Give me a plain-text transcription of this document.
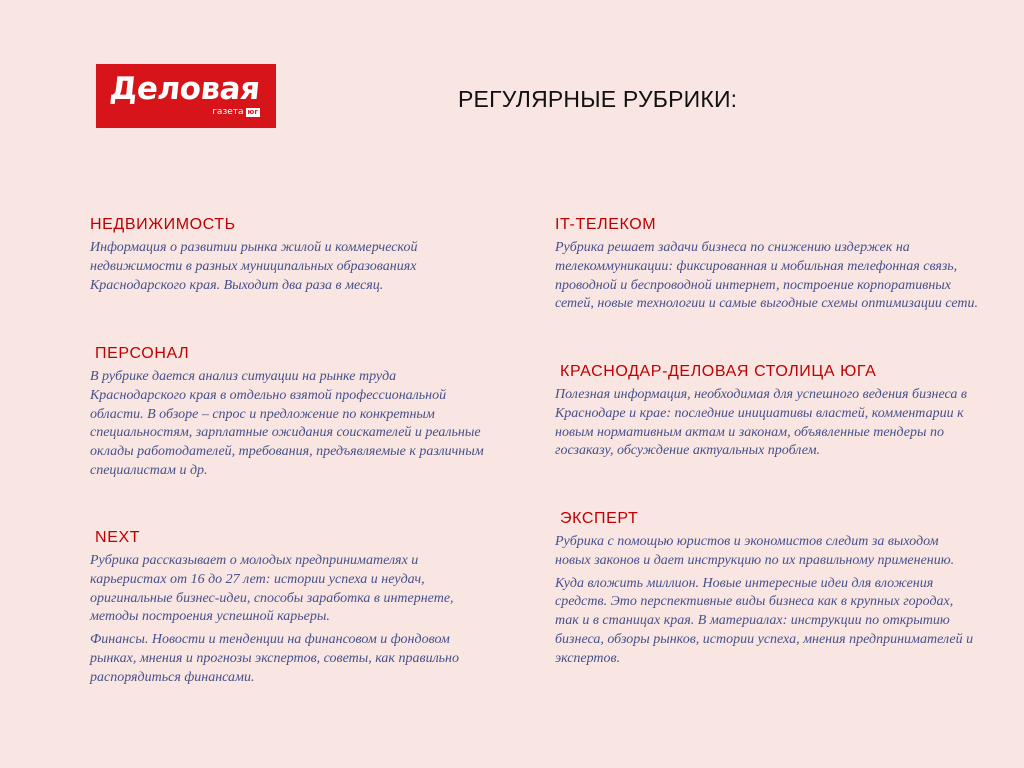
Деловая
газета юг	РЕГУЛЯРНЫЕ РУБРИКИ:
НЕДВИЖИМОСТЬ

Информация о развитии рынка жилой и коммерческой недвижимости в разных муниципальных образованиях Краснодарского края. Выходит два раза в месяц.

ПЕРСОНАЛ

В рубрике дается анализ ситуации на рынке труда Краснодарского края в отдельно взятой профессиональной области. В обзоре – спрос и предложение по конкретным специальностям, зарплатные ожидания соискателей и реальные оклады работодателей, требования, предъявляемые к различным специалистам и др.

NEXT

Рубрика рассказывает о молодых предпринимателях и карьеристах от 16 до 27 лет: истории успеха и неудач, оригинальные бизнес-идеи, способы заработка в интернете, методы построения успешной карьеры.

Финансы. Новости и тенденции на финансовом и фондовом рынках, мнения и прогнозы экспертов, советы, как правильно распорядиться финансами.

IT-ТЕЛЕКОМ

Рубрика решает задачи бизнеса по снижению издержек на телекоммуникации: фиксированная и мобильная телефонная связь, проводной и беспроводной интернет, построение корпоративных сетей, новые технологии и самые выгодные схемы оптимизации сети.

КРАСНОДАР-ДЕЛОВАЯ СТОЛИЦА ЮГА

Полезная информация, необходимая для успешного ведения бизнеса в Краснодаре и крае: последние инициативы властей, комментарии к новым нормативным актам и законам, объявленные тендеры по госзаказу, обсуждение актуальных проблем.

ЭКСПЕРТ

Рубрика с помощью юристов и экономистов следит за выходом новых законов и дает инструкцию по их правильному применению.

Куда вложить миллион. Новые интересные идеи для вложения средств. Это перспективные виды бизнеса как в крупных городах, так и в станицах края. В материалах: инструкции по открытию бизнеса, обзоры рынков, истории успеха, мнения предпринимателей и экспертов.
